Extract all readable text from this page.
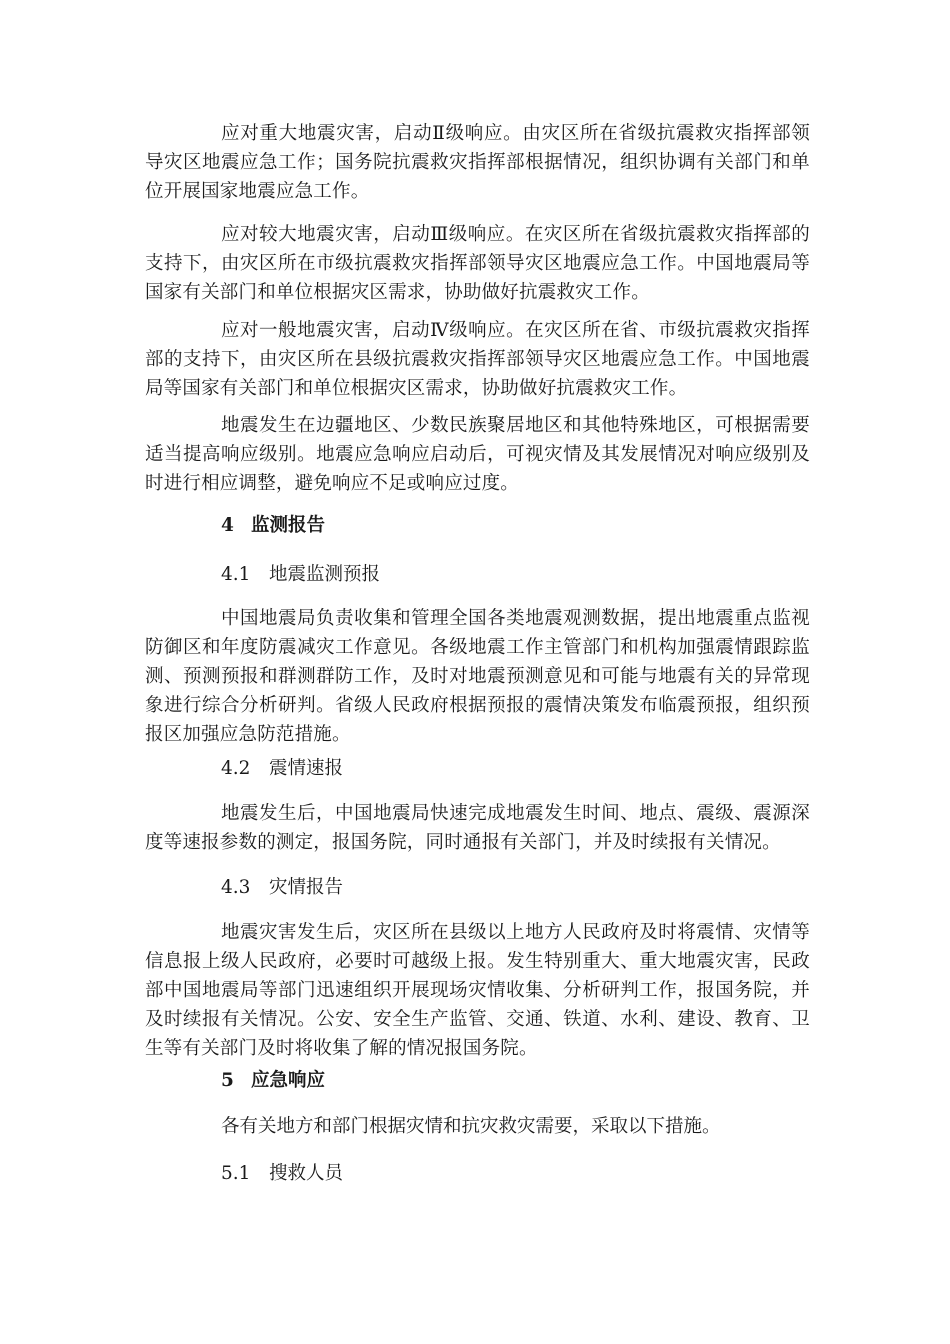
应对重大地震灾害，启动Ⅱ级响应。由灾区所在省级抗震救灾指挥部领导灾区地震应急工作；国务院抗震救灾指挥部根据情况，组织协调有关部门和单位开展国家地震应急工作。

应对较大地震灾害，启动Ⅲ级响应。在灾区所在省级抗震救灾指挥部的支持下，由灾区所在市级抗震救灾指挥部领导灾区地震应急工作。中国地震局等国家有关部门和单位根据灾区需求，协助做好抗震救灾工作。

应对一般地震灾害，启动Ⅳ级响应。在灾区所在省、市级抗震救灾指挥部的支持下，由灾区所在县级抗震救灾指挥部领导灾区地震应急工作。中国地震局等国家有关部门和单位根据灾区需求，协助做好抗震救灾工作。

地震发生在边疆地区、少数民族聚居地区和其他特殊地区，可根据需要适当提高响应级别。地震应急响应启动后，可视灾情及其发展情况对响应级别及时进行相应调整，避免响应不足或响应过度。

4 监测报告
4.1 地震监测预报

中国地震局负责收集和管理全国各类地震观测数据，提出地震重点监视防御区和年度防震减灾工作意见。各级地震工作主管部门和机构加强震情跟踪监测、预测预报和群测群防工作，及时对地震预测意见和可能与地震有关的异常现象进行综合分析研判。省级人民政府根据预报的震情决策发布临震预报，组织预报区加强应急防范措施。

4.2 震情速报

地震发生后，中国地震局快速完成地震发生时间、地点、震级、震源深度等速报参数的测定，报国务院，同时通报有关部门，并及时续报有关情况。

4.3 灾情报告

地震灾害发生后，灾区所在县级以上地方人民政府及时将震情、灾情等信息报上级人民政府，必要时可越级上报。发生特别重大、重大地震灾害，民政部中国地震局等部门迅速组织开展现场灾情收集、分析研判工作，报国务院，并及时续报有关情况。公安、安全生产监管、交通、铁道、水利、建设、教育、卫生等有关部门及时将收集了解的情况报国务院。

5 应急响应

各有关地方和部门根据灾情和抗灾救灾需要，采取以下措施。

5.1 搜救人员
